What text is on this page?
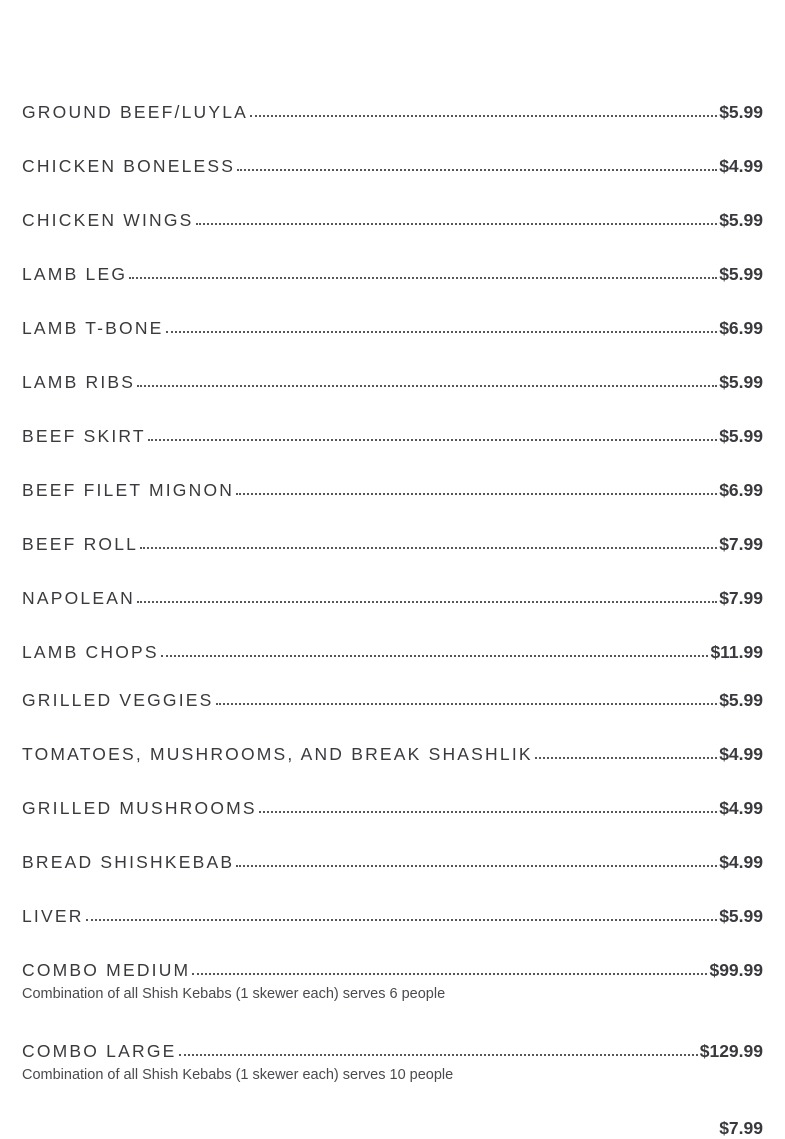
GROUND BEEF/LUYLA	$5.99
CHICKEN BONELESS	$4.99
CHICKEN WINGS	$5.99
LAMB LEG	$5.99
LAMB T-BONE	$6.99
LAMB RIBS	$5.99
BEEF SKIRT	$5.99
BEEF FILET MIGNON	$6.99
BEEF ROLL	$7.99
NAPOLEAN	$7.99
LAMB CHOPS	$11.99
GRILLED VEGGIES	$5.99
TOMATOES, MUSHROOMS, AND BREAK SHASHLIK	$4.99
GRILLED MUSHROOMS	$4.99
BREAD SHISHKEBAB	$4.99
LIVER	$5.99
COMBO MEDIUM	$99.99
Combination of all Shish Kebabs (1 skewer each) serves 6 people
COMBO LARGE	$129.99
Combination of all Shish Kebabs (1 skewer each) serves 10 people
$7.99
